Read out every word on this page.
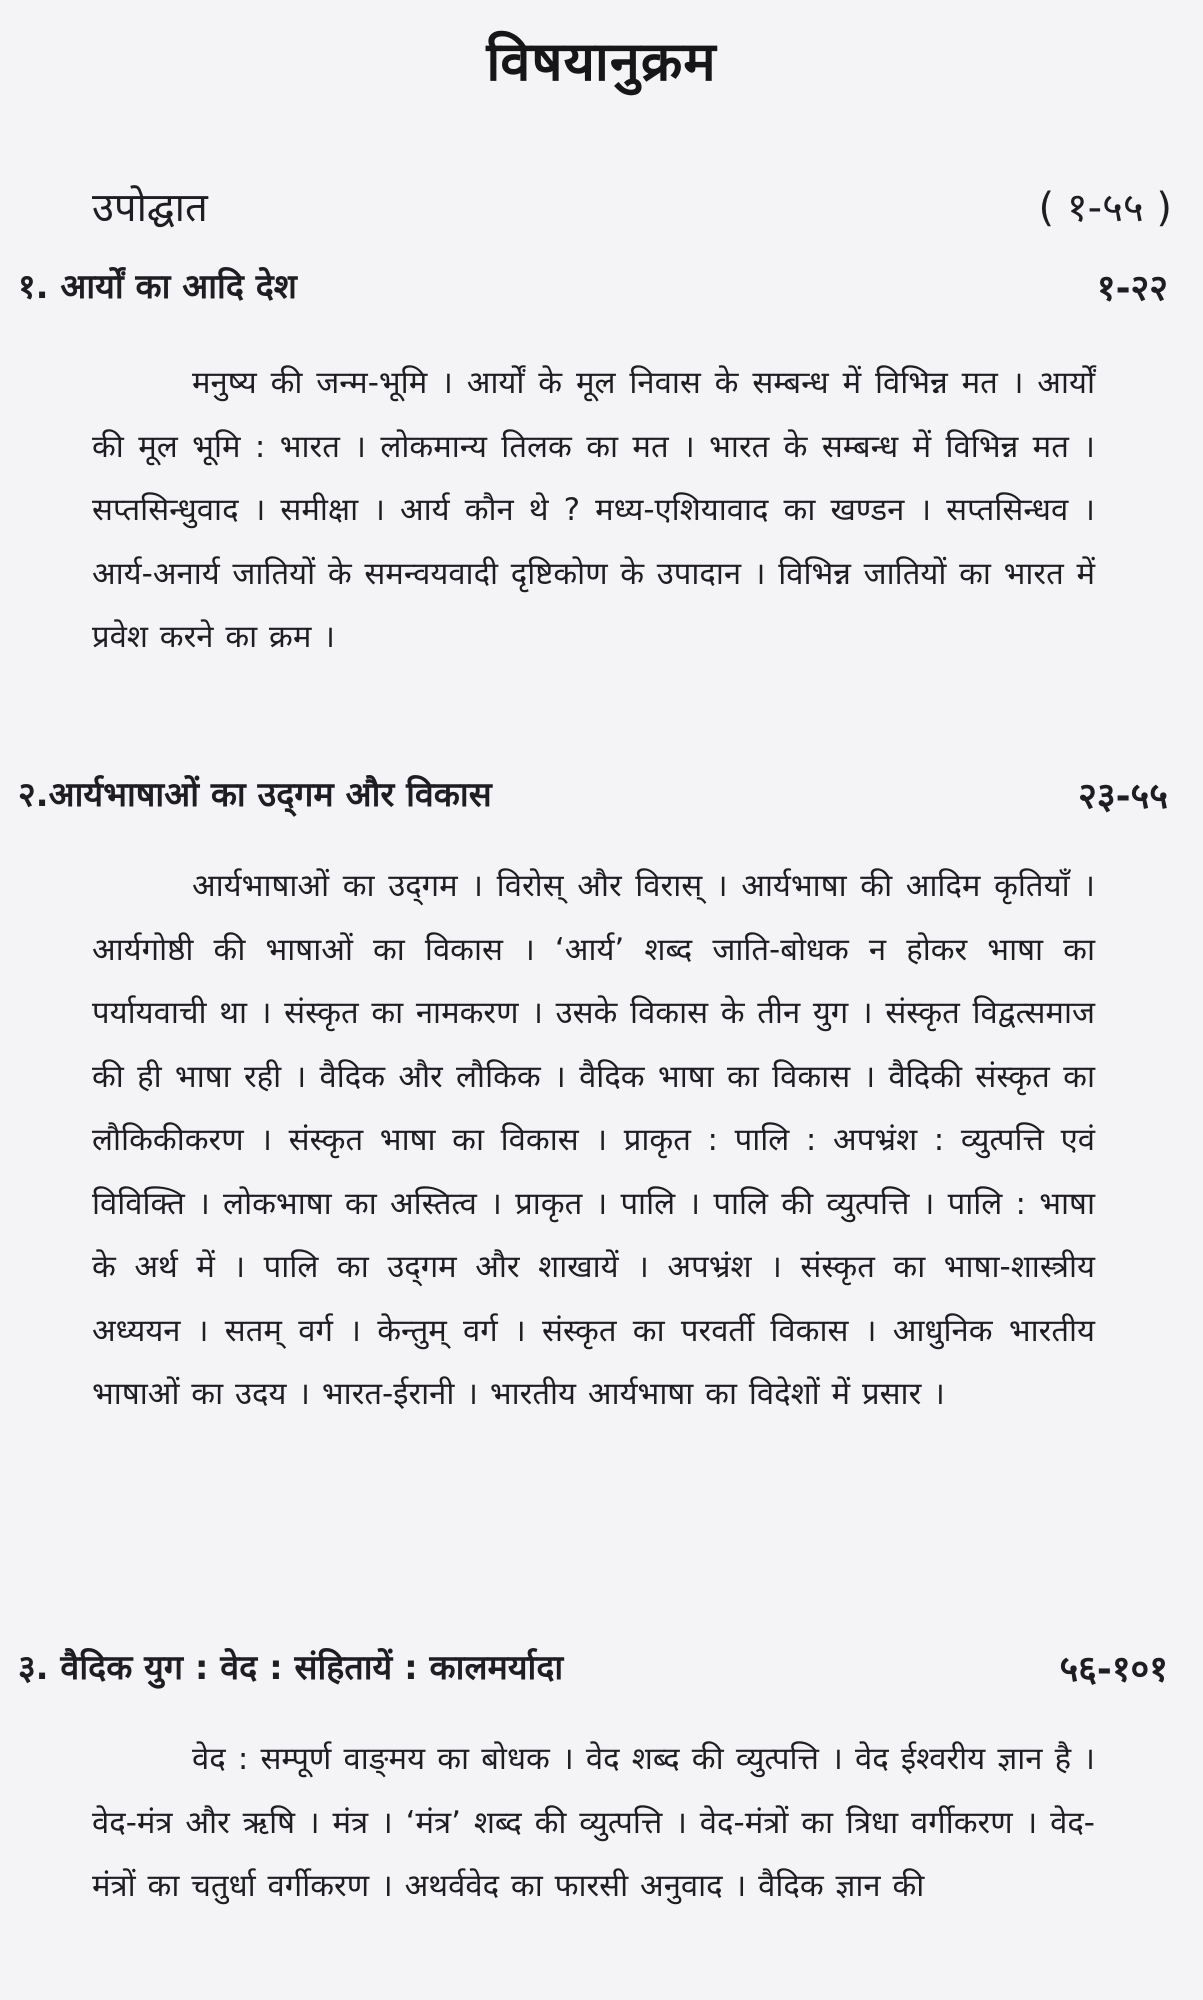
विषयानुक्रम
उपोद्घात	( १-५५ )
१. आर्यों का आदि देश	१-२२
मनुष्य की जन्म-भूमि । आर्यों के मूल निवास के सम्बन्ध में विभिन्न मत । आर्यों की मूल भूमि : भारत । लोकमान्य तिलक का मत । भारत के सम्बन्ध में विभिन्न मत । सप्तसिन्धुवाद । समीक्षा । आर्य कौन थे ? मध्य-एशियावाद का खण्डन । सप्तसिन्धव । आर्य-अनार्य जातियों के समन्वयवादी दृष्टिकोण के उपादान । विभिन्न जातियों का भारत में प्रवेश करने का क्रम ।
२.आर्यभाषाओं का उद्‌गम और विकास	२३-५५
आर्यभाषाओं का उद्‌गम । विरोस् और विरास् । आर्यभाषा की आदिम कृतियाँ । आर्यगोष्ठी की भाषाओं का विकास । ‘आर्य’ शब्द जाति-बोधक न होकर भाषा का पर्यायवाची था । संस्कृत का नामकरण । उसके विकास के तीन युग । संस्कृत विद्वत्समाज की ही भाषा रही । वैदिक और लौकिक । वैदिक भाषा का विकास । वैदिकी संस्कृत का लौकिकीकरण । संस्कृत भाषा का विकास । प्राकृत : पालि : अपभ्रंश : व्युत्पत्ति एवं विविक्ति । लोकभाषा का अस्तित्व । प्राकृत । पालि । पालि की व्युत्पत्ति । पालि : भाषा के अर्थ में । पालि का उद्‌गम और शाखायें । अपभ्रंश । संस्कृत का भाषा-शास्त्रीय अध्ययन । सतम् वर्ग । केन्तुम् वर्ग । संस्कृत का परवर्ती विकास । आधुनिक भारतीय भाषाओं का उदय । भारत-ईरानी । भारतीय आर्यभाषा का विदेशों में प्रसार ।
३. वैदिक युग : वेद : संहितायें : कालमर्यादा	५६-१०१
वेद : सम्पूर्ण वाङ्‌मय का बोधक । वेद शब्द की व्युत्पत्ति । वेद ईश्वरीय ज्ञान है । वेद-मंत्र और ऋषि । मंत्र । ‘मंत्र’ शब्द की व्युत्पत्ति । वेद-मंत्रों का त्रिधा वर्गीकरण । वेद-मंत्रों का चतुर्धा वर्गीकरण । अथर्ववेद का फारसी अनुवाद । वैदिक ज्ञान की
